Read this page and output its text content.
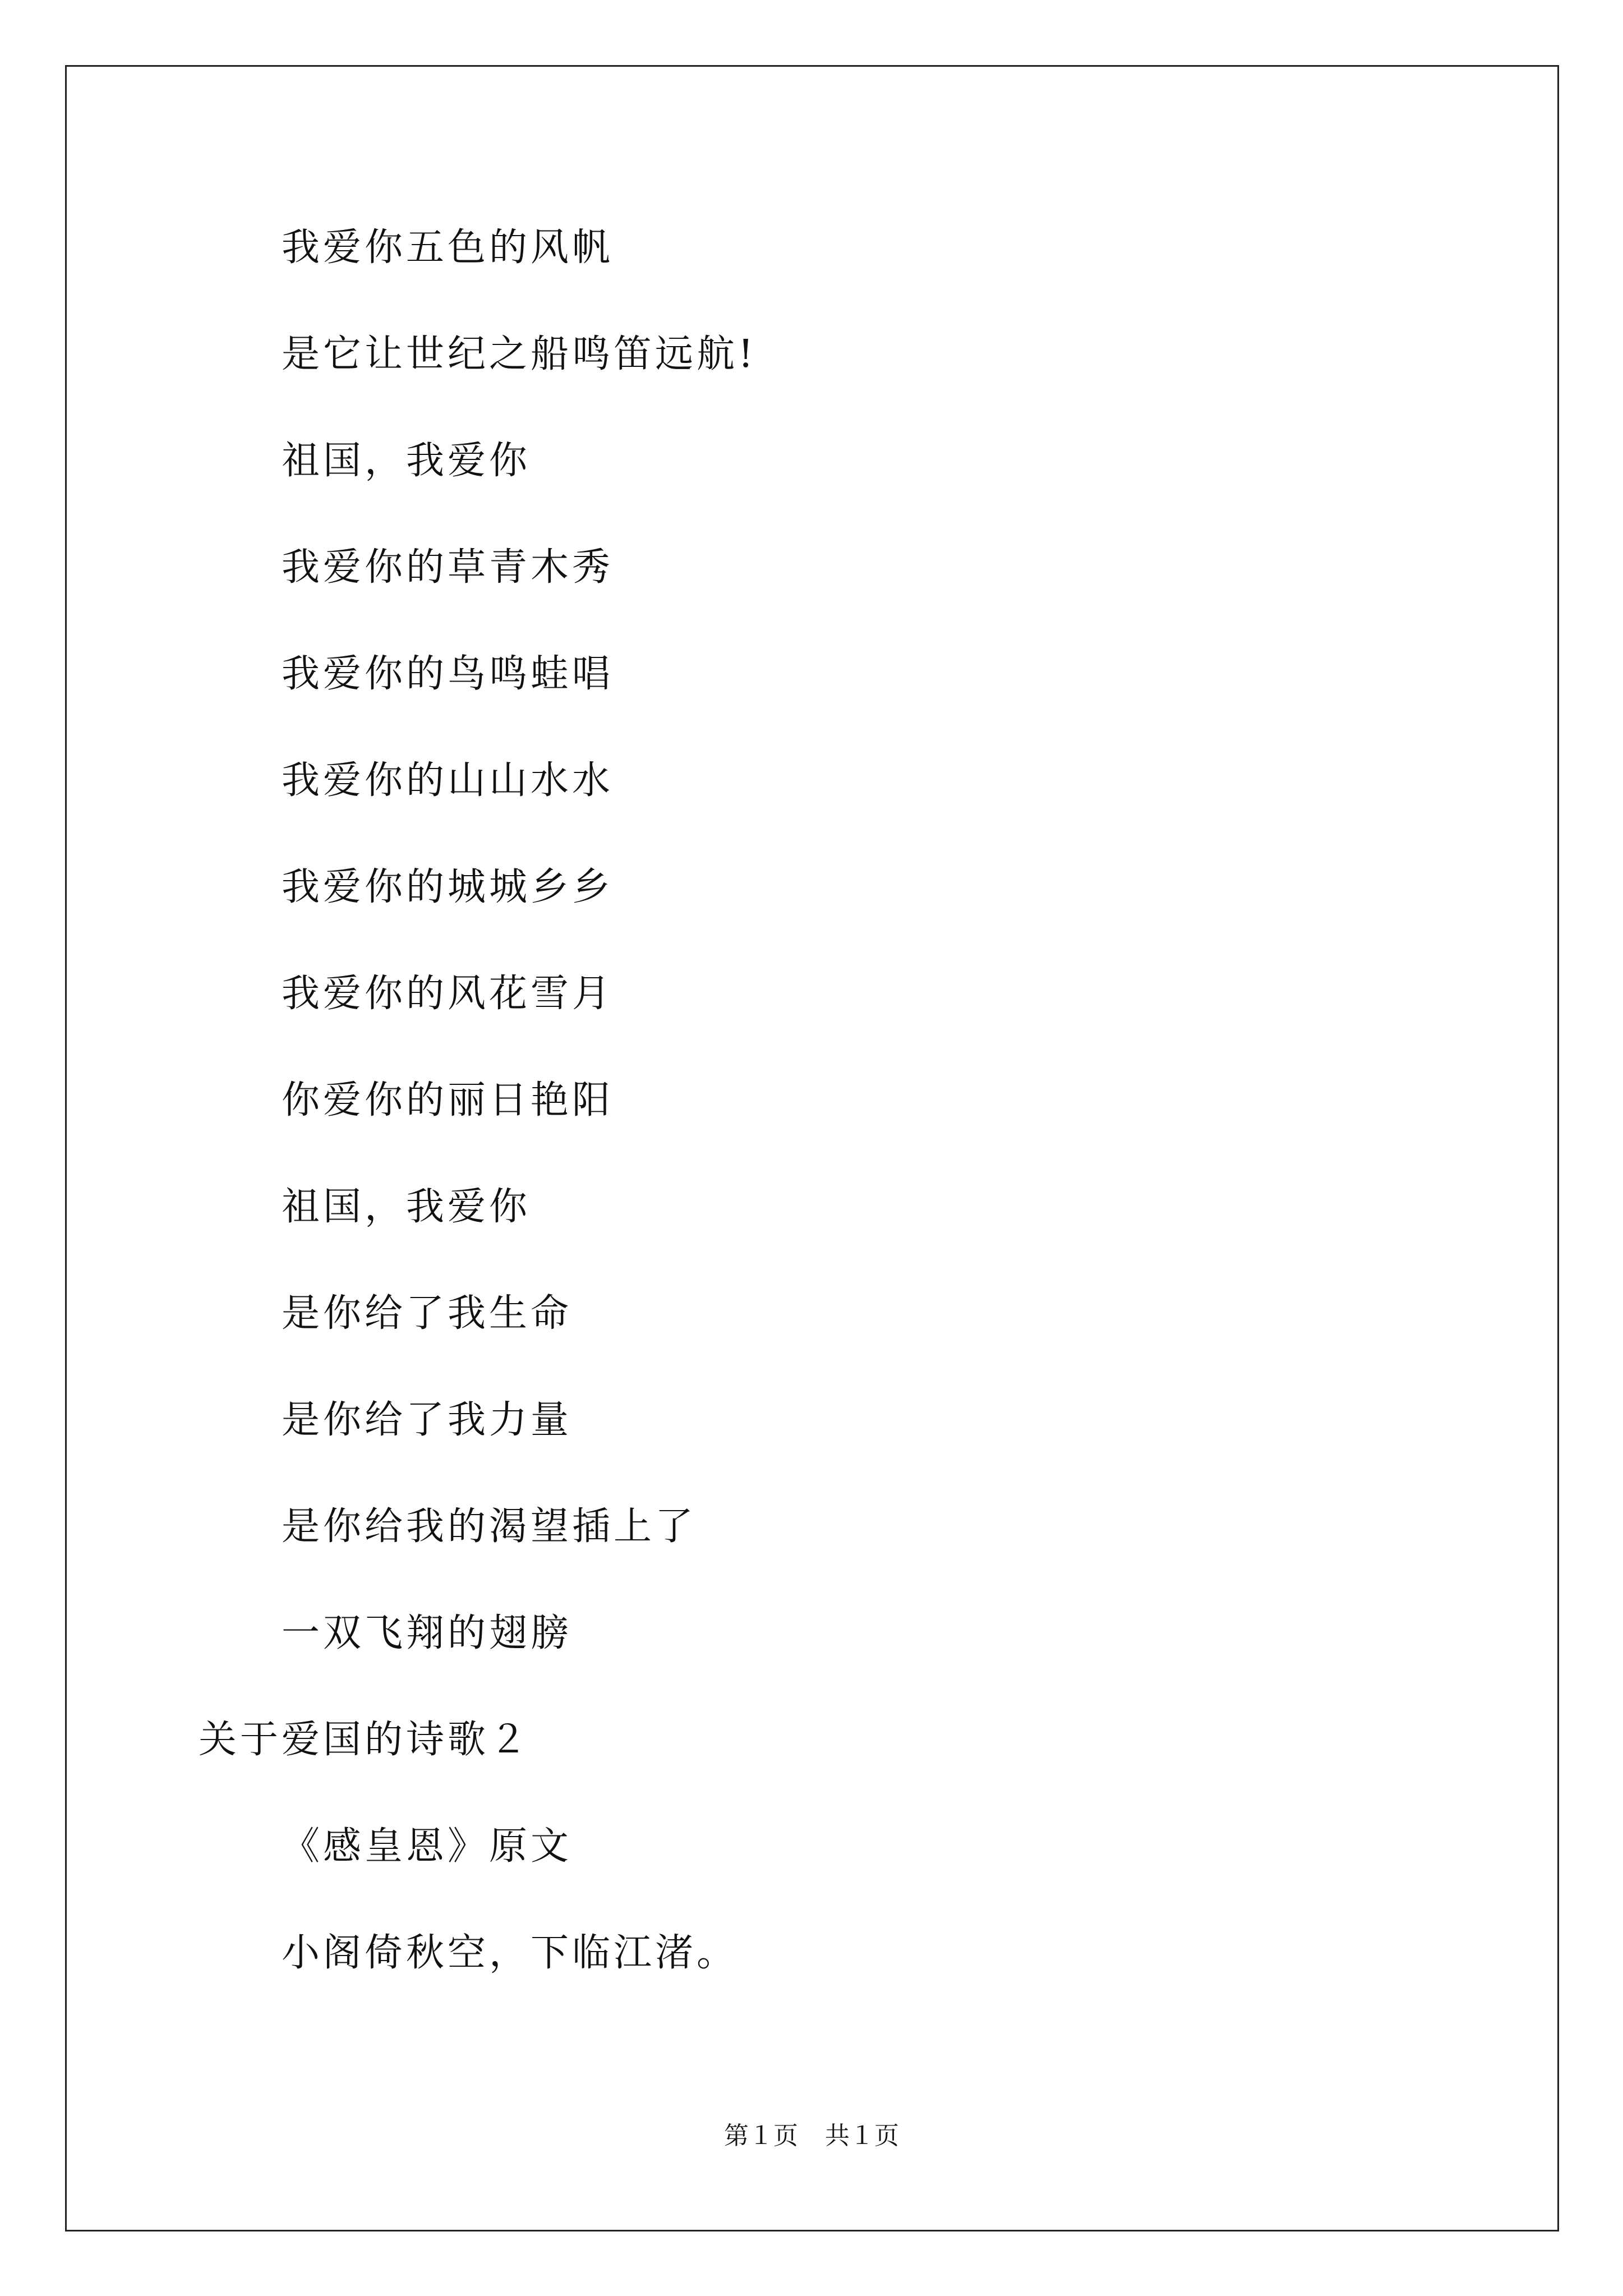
我爱你五色的风帆
是它让世纪之船鸣笛远航!
祖国，我爱你
我爱你的草青木秀
我爱你的鸟鸣蛙唱
我爱你的山山水水
我爱你的城城乡乡
我爱你的风花雪月
你爱你的丽日艳阳
祖国，我爱你
是你给了我生命
是你给了我力量
是你给我的渴望插上了
一双飞翔的翅膀
关于爱国的诗歌２
《感皇恩》原文
小阁倚秋空，下临江渚。
第１页 共１页
